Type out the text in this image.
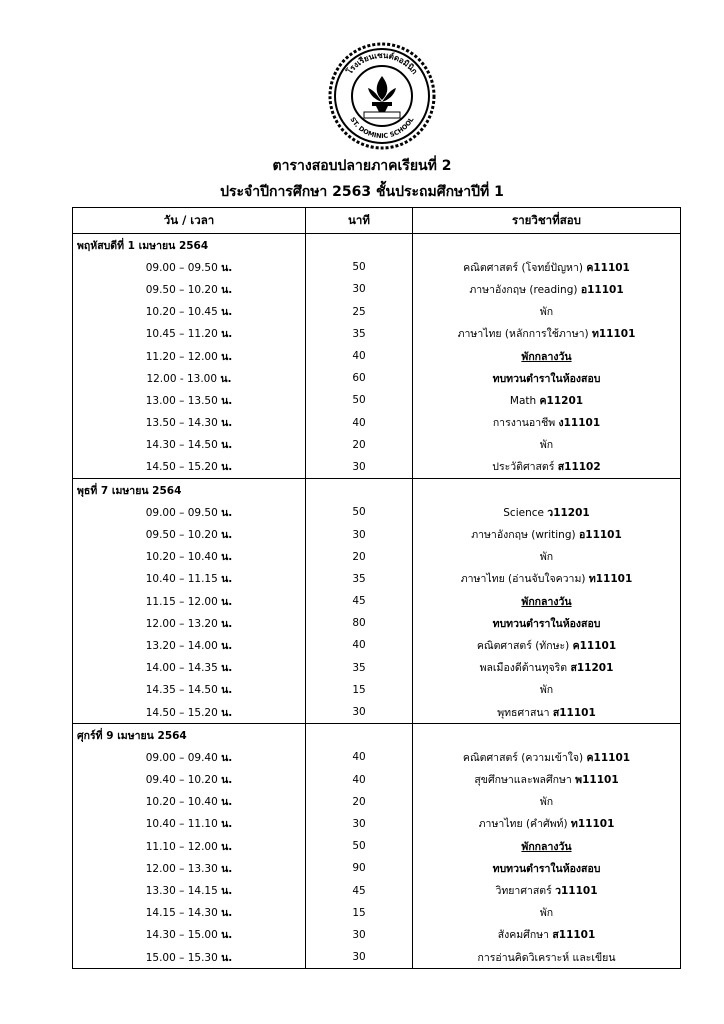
โรงเรียนเซนต์ดอมินิก
ST. DOMINIC SCHOOL
ตารางสอบปลายภาคเรียนที่ 2
ประจำปีการศึกษา 2563 ชั้นประถมศึกษาปีที่ 1
วัน / เวลา	นาที	รายวิชาที่สอบ
พฤหัสบดีที่ 1 เมษายน 2564		
09.00 – 09.50 น.	50	คณิตศาสตร์ (โจทย์ปัญหา) ค11101
09.50 – 10.20 น.	30	ภาษาอังกฤษ (reading) อ11101
10.20 – 10.45 น.	25	พัก
10.45 – 11.20 น.	35	ภาษาไทย (หลักการใช้ภาษา) ท11101
11.20 – 12.00 น.	40	พักกลางวัน
12.00 - 13.00 น.	60	ทบทวนตำราในห้องสอบ
13.00 – 13.50 น.	50	Math ค11201
13.50 – 14.30 น.	40	การงานอาชีพ ง11101
14.30 – 14.50 น.	20	พัก
14.50 – 15.20 น.	30	ประวัติศาสตร์ ส11102
พุธที่ 7 เมษายน 2564		
09.00 – 09.50 น.	50	Science ว11201
09.50 – 10.20 น.	30	ภาษาอังกฤษ (writing) อ11101
10.20 – 10.40 น.	20	พัก
10.40 – 11.15 น.	35	ภาษาไทย (อ่านจับใจความ) ท11101
11.15 – 12.00 น.	45	พักกลางวัน
12.00 – 13.20 น.	80	ทบทวนตำราในห้องสอบ
13.20 – 14.00 น.	40	คณิตศาสตร์ (ทักษะ) ค11101
14.00 – 14.35 น.	35	พลเมืองดีต้านทุจริต ส11201
14.35 – 14.50 น.	15	พัก
14.50 – 15.20 น.	30	พุทธศาสนา ส11101
ศุกร์ที่ 9 เมษายน 2564		
09.00 – 09.40 น.	40	คณิตศาสตร์ (ความเข้าใจ) ค11101
09.40 – 10.20 น.	40	สุขศึกษาและพลศึกษา พ11101
10.20 – 10.40 น.	20	พัก
10.40 – 11.10 น.	30	ภาษาไทย (คำศัพท์) ท11101
11.10 – 12.00 น.	50	พักกลางวัน
12.00 – 13.30 น.	90	ทบทวนตำราในห้องสอบ
13.30 – 14.15 น.	45	วิทยาศาสตร์ ว11101
14.15 – 14.30 น.	15	พัก
14.30 – 15.00 น.	30	สังคมศึกษา ส11101
15.00 – 15.30 น.	30	การอ่านคิดวิเคราะห์ และเขียน
